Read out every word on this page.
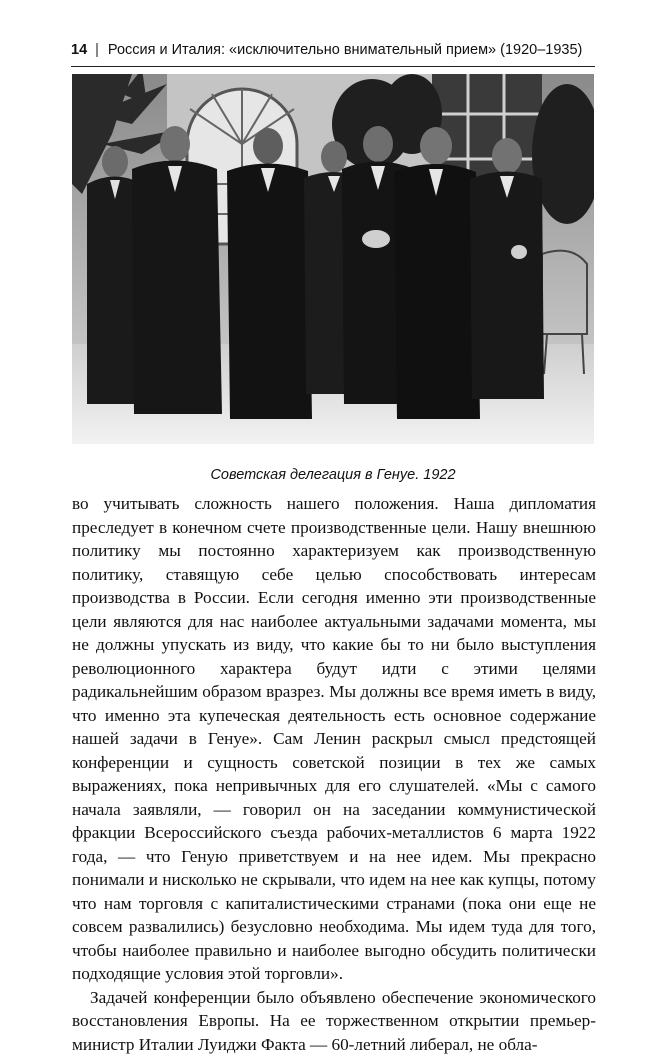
14 | Россия и Италия: «исключительно внимательный прием» (1920–1935)
Советская делегация в Генуе. 1922

во учитывать сложность нашего положения. Наша дипломатия преследует в конечном счете производственные цели. Нашу внешнюю политику мы постоянно характеризуем как производственную политику, ставящую себе целью способствовать интересам производства в России. Если сегодня именно эти производственные цели являются для нас наиболее актуальными задачами момента, мы не должны упускать из виду, что какие бы то ни было выступления революционного характера будут идти с этими целями радикальнейшим образом вразрез. Мы должны все время иметь в виду, что именно эта купеческая деятельность есть основное содержание нашей задачи в Генуе». Сам Ленин раскрыл смысл предстоящей конференции и сущность советской позиции в тех же самых выражениях, пока непривычных для его слушателей. «Мы с самого начала заявляли, — говорил он на заседании коммунистической фракции Всероссийского съезда рабочих-металлистов 6 марта 1922 года, — что Геную приветствуем и на нее идем. Мы прекрасно понимали и нисколько не скрывали, что идем на нее как купцы, потому что нам торговля с капиталистическими странами (пока они еще не совсем развалились) безусловно необходима. Мы идем туда для того, чтобы наиболее правильно и наиболее выгодно обсудить политически подходящие условия этой торговли».

Задачей конференции было объявлено обеспечение экономического восстановления Европы. На ее торжественном открытии премьер-министр Италии Луиджи Факта — 60-летний либерал, не обла-
